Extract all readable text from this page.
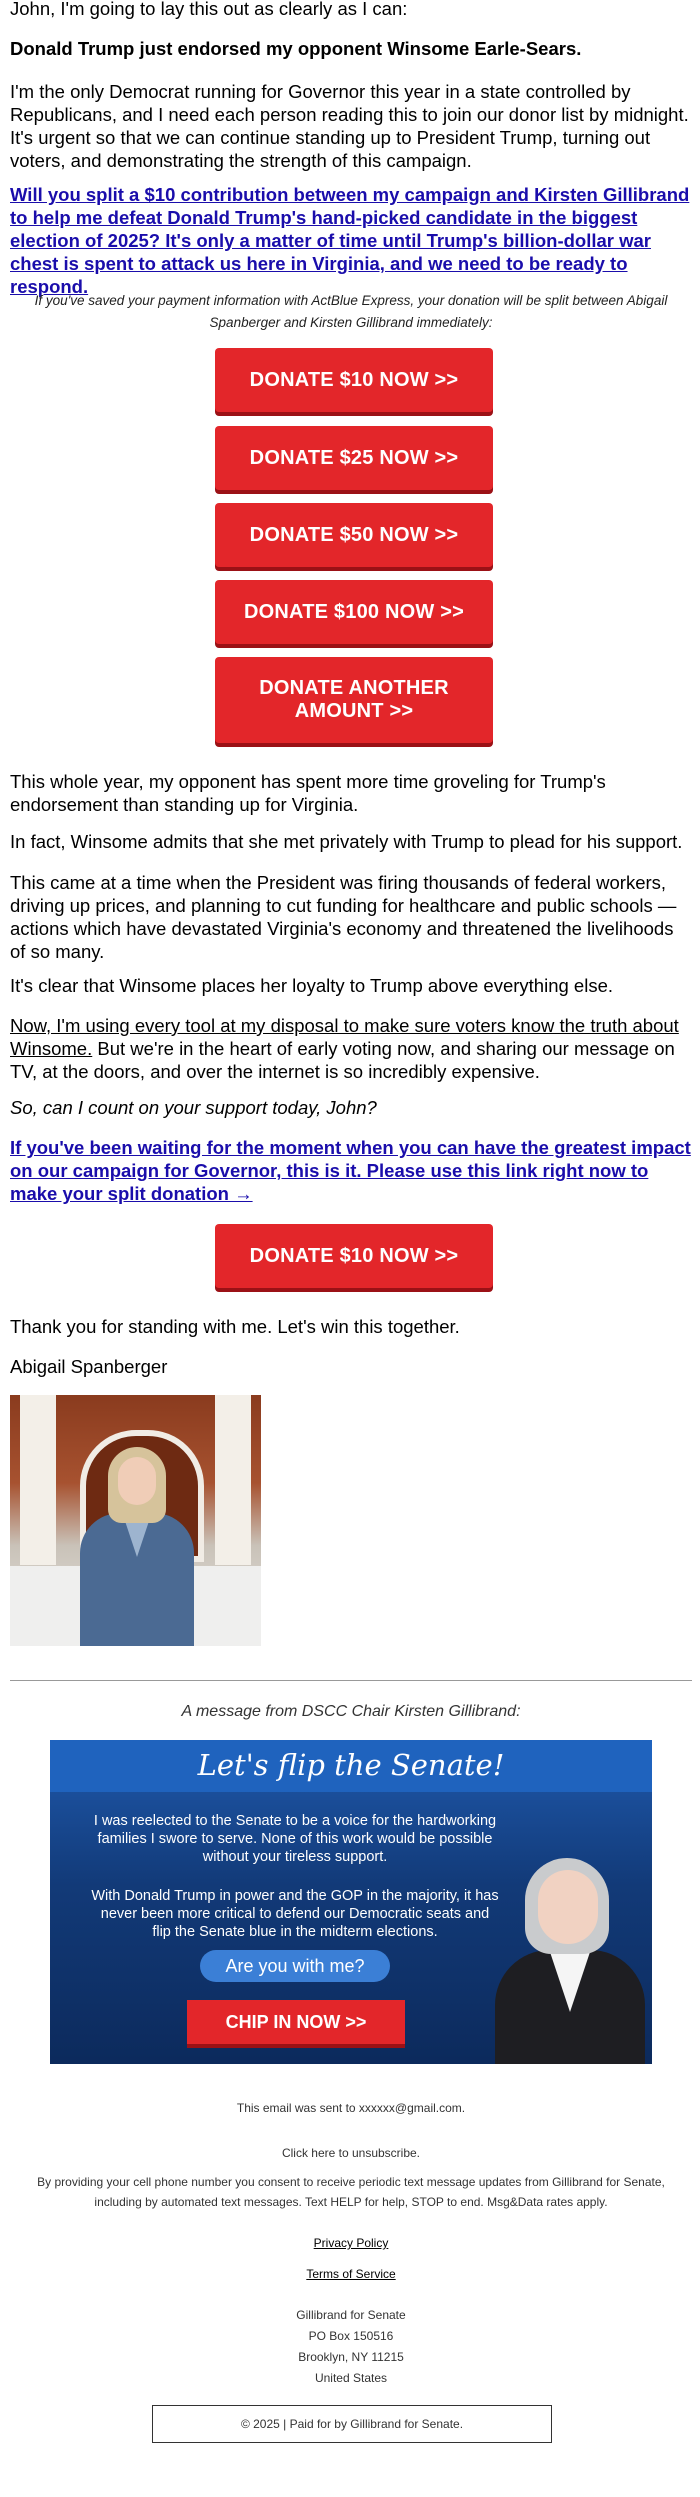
John, I'm going to lay this out as clearly as I can:

Donald Trump just endorsed my opponent Winsome Earle-Sears.

I'm the only Democrat running for Governor this year in a state controlled by Republicans, and I need each person reading this to join our donor list by midnight. It's urgent so that we can continue standing up to President Trump, turning out voters, and demonstrating the strength of this campaign.

Will you split a $10 contribution between my campaign and Kirsten Gillibrand to help me defeat Donald Trump's hand-picked candidate in the biggest election of 2025? It's only a matter of time until Trump's billion-dollar war chest is spent to attack us here in Virginia, and we need to be ready to respond.

If you've saved your payment information with ActBlue Express, your donation will be split between Abigail Spanberger and Kirsten Gillibrand immediately:
DONATE $10 NOW >>
DONATE $25 NOW >>
DONATE $50 NOW >>
DONATE $100 NOW >>
DONATE ANOTHER AMOUNT >>

This whole year, my opponent has spent more time groveling for Trump's endorsement than standing up for Virginia.

In fact, Winsome admits that she met privately with Trump to plead for his support.

This came at a time when the President was firing thousands of federal workers, driving up prices, and planning to cut funding for healthcare and public schools — actions which have devastated Virginia's economy and threatened the livelihoods of so many.

It's clear that Winsome places her loyalty to Trump above everything else.

Now, I'm using every tool at my disposal to make sure voters know the truth about Winsome. But we're in the heart of early voting now, and sharing our message on TV, at the doors, and over the internet is so incredibly expensive.

So, can I count on your support today, John?

If you've been waiting for the moment when you can have the greatest impact on our campaign for Governor, this is it. Please use this link right now to make your split donation →

DONATE $10 NOW >>

Thank you for standing with me. Let's win this together.

Abigail Spanberger

A message from DSCC Chair Kirsten Gillibrand:
Let's flip the Senate!
I was reelected to the Senate to be a voice for the hardworking families I swore to serve. None of this work would be possible without your tireless support.
With Donald Trump in power and the GOP in the majority, it has never been more critical to defend our Democratic seats and flip the Senate blue in the midterm elections.
Are you with me?
CHIP IN NOW >>
This email was sent to xxxxxx@gmail.com.
Click here to unsubscribe.
By providing your cell phone number you consent to receive periodic text message updates from Gillibrand for Senate, including by automated text messages. Text HELP for help, STOP to end. Msg&Data rates apply.
Privacy Policy
Terms of Service
Gillibrand for Senate
PO Box 150516
Brooklyn, NY 11215
United States
© 2025 | Paid for by Gillibrand for Senate.
